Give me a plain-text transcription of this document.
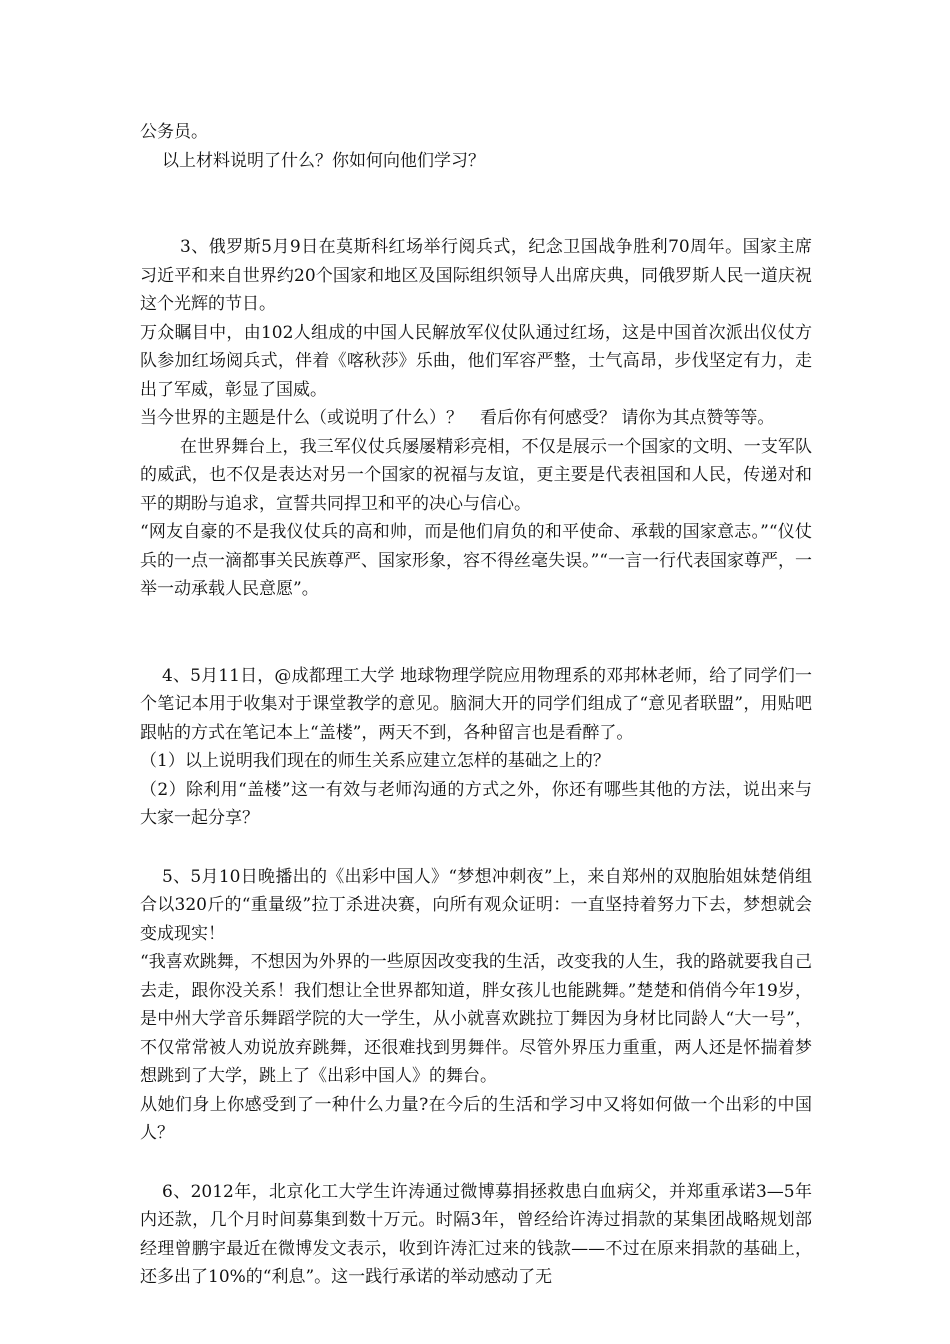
公务员。

以上材料说明了什么？你如何向他们学习？

3、俄罗斯5月9日在莫斯科红场举行阅兵式，纪念卫国战争胜利70周年。国家主席习近平和来自世界约20个国家和地区及国际组织领导人出席庆典，同俄罗斯人民一道庆祝这个光辉的节日。

万众瞩目中，由102人组成的中国人民解放军仪仗队通过红场，这是中国首次派出仪仗方队参加红场阅兵式，伴着《喀秋莎》乐曲，他们军容严整，士气高昂，步伐坚定有力，走出了军威，彰显了国威。

当今世界的主题是什么（或说明了什么）？　看后你有何感受？ 请你为其点赞等等。

在世界舞台上，我三军仪仗兵屡屡精彩亮相，不仅是展示一个国家的文明、一支军队的威武，也不仅是表达对另一个国家的祝福与友谊，更主要是代表祖国和人民，传递对和平的期盼与追求，宣誓共同捍卫和平的决心与信心。

“网友自豪的不是我仪仗兵的高和帅，而是他们肩负的和平使命、承载的国家意志。”“仪仗兵的一点一滴都事关民族尊严、国家形象，容不得丝毫失误。”“一言一行代表国家尊严，一举一动承载人民意愿”。

4、5月11日，@成都理工大学 地球物理学院应用物理系的邓邦林老师，给了同学们一个笔记本用于收集对于课堂教学的意见。脑洞大开的同学们组成了“意见者联盟”，用贴吧跟帖的方式在笔记本上“盖楼”，两天不到，各种留言也是看醉了。

（1）以上说明我们现在的师生关系应建立怎样的基础之上的？

（2）除利用“盖楼”这一有效与老师沟通的方式之外，你还有哪些其他的方法，说出来与大家一起分享？

5、5月10日晚播出的《出彩中国人》“梦想冲刺夜”上，来自郑州的双胞胎姐妹楚俏组合以320斤的“重量级”拉丁杀进决赛，向所有观众证明：一直坚持着努力下去，梦想就会变成现实！

“我喜欢跳舞，不想因为外界的一些原因改变我的生活，改变我的人生，我的路就要我自己去走，跟你没关系！我们想让全世界都知道，胖女孩儿也能跳舞。”楚楚和俏俏今年19岁，是中州大学音乐舞蹈学院的大一学生，从小就喜欢跳拉丁舞因为身材比同龄人“大一号”，不仅常常被人劝说放弃跳舞，还很难找到男舞伴。尽管外界压力重重，两人还是怀揣着梦想跳到了大学，跳上了《出彩中国人》的舞台。

从她们身上你感受到了一种什么力量?在今后的生活和学习中又将如何做一个出彩的中国人？

6、2012年，北京化工大学生许涛通过微博募捐拯救患白血病父，并郑重承诺3—5年内还款，几个月时间募集到数十万元。时隔3年，曾经给许涛过捐款的某集团战略规划部经理曾鹏宇最近在微博发文表示，收到许涛汇过来的钱款——不过在原来捐款的基础上，还多出了10%的“利息”。这一践行承诺的举动感动了无
